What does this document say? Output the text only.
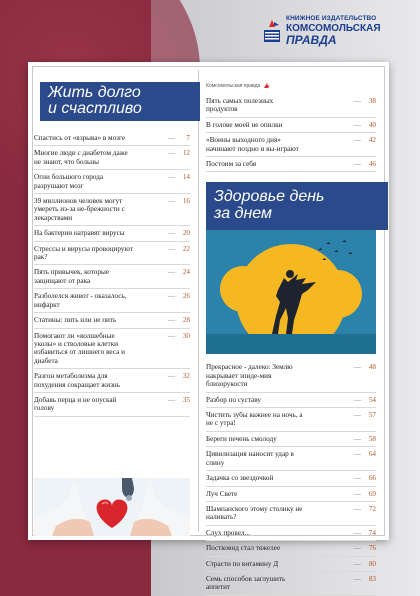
КНИЖНОЕ ИЗДАТЕЛЬСТВО
КОМСОМОЛЬСКАЯ
ПРАВДА
Жить долго
и счастливо
Спастись от «взрыва» в мозге	—	7
Многие люди с диабетом даже не знают, что больны
—	12
Огни большого города разрушают мозг
—	14
39 миллионов человек могут умереть из-за не-брежности с лекарствами
—	16
На бактерии натравят вирусы	—	20
Стрессы и вирусы провоцируют рак?
—	22
Пять привычек, которые защищают от рака
—	24
Разболелся живот - оказалось, инфаркт
—	26
Статины: пить или не пить	—	28
Помогают ли «волшебные уколы» и стволовые клетки избавиться от лишнего веса и диабета
—	30
Разгон метаболизма для похудения сокращает жизнь
—	32
Добавь перца и не опускай голову
—	35
Комсомольская правда
Пять самых полезных продуктов
—	38
В голове моей не опилки	—	40
«Воины выходного дня» начинают поздно и вы-играют
—	42
Постоим за себя	—	46
Здоровье день
за днем
Прекрасное - далеко: Землю накрывает эпиде-мия близорукости
—	48
Разбор по суставу	—	54
Чистить зубы важнее на ночь, а не с утра!
—	57
Береги печень смолоду	—	58
Цивилизация наносит удар в спину
—	64
Задачка со звездочкой	—	66
Луч Свете	—	69
Шампанского этому столику не наливать?
—	72
Слух провел...	—	74
Постковид стал тяжелее	—	76
Страсти по витамину Д	—	80
Семь способов заглушить аппетит
—	83
